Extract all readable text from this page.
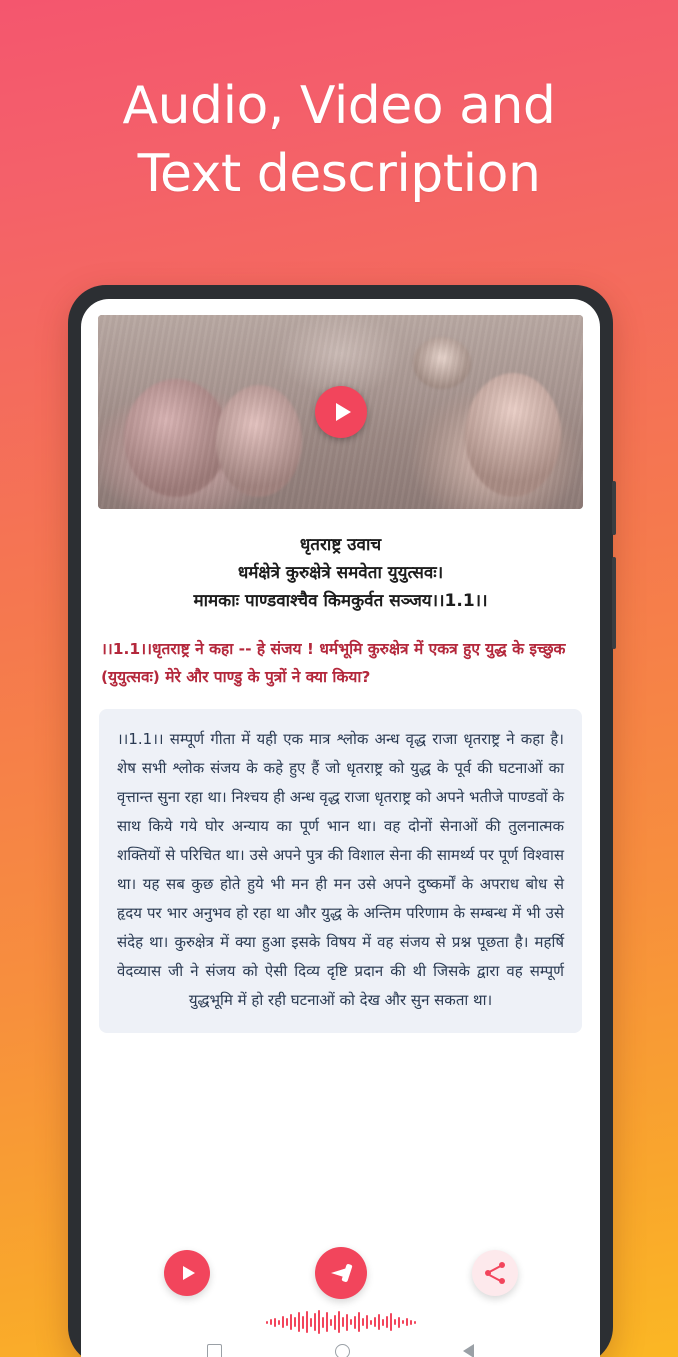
Audio, Video and
Text description
धृतराष्ट्र उवाच
धर्मक्षेत्रे कुरुक्षेत्रे समवेता युयुत्सवः।
मामकाः पाण्डवाश्चैव किमकुर्वत सञ्जय।।1.1।।
।।1.1।।धृतराष्ट्र ने कहा -- हे संजय ! धर्मभूमि कुरुक्षेत्र में एकत्र हुए युद्ध के इच्छुक (युयुत्सवः) मेरे और पाण्डु के पुत्रों ने क्या किया?
।।1.1।। सम्पूर्ण गीता में यही एक मात्र श्लोक अन्ध वृद्ध राजा धृतराष्ट्र ने कहा है। शेष सभी श्लोक संजय के कहे हुए हैं जो धृतराष्ट्र को युद्ध के पूर्व की घटनाओं का वृत्तान्त सुना रहा था। निश्चय ही अन्ध वृद्ध राजा धृतराष्ट्र को अपने भतीजे पाण्डवों के साथ किये गये घोर अन्याय का पूर्ण भान था। वह दोनों सेनाओं की तुलनात्मक शक्तियों से परिचित था। उसे अपने पुत्र की विशाल सेना की सामर्थ्य पर पूर्ण विश्वास था। यह सब कुछ होते हुये भी मन ही मन उसे अपने दुष्कर्मों के अपराध बोध से हृदय पर भार अनुभव हो रहा था और युद्ध के अन्तिम परिणाम के सम्बन्ध में भी उसे संदेह था। कुरुक्षेत्र में क्या हुआ इसके विषय में वह संजय से प्रश्न पूछता है। महर्षि वेदव्यास जी ने संजय को ऐसी दिव्य दृष्टि प्रदान की थी जिसके द्वारा वह सम्पूर्ण युद्धभूमि में हो रही घटनाओं को देख और सुन सकता था।
